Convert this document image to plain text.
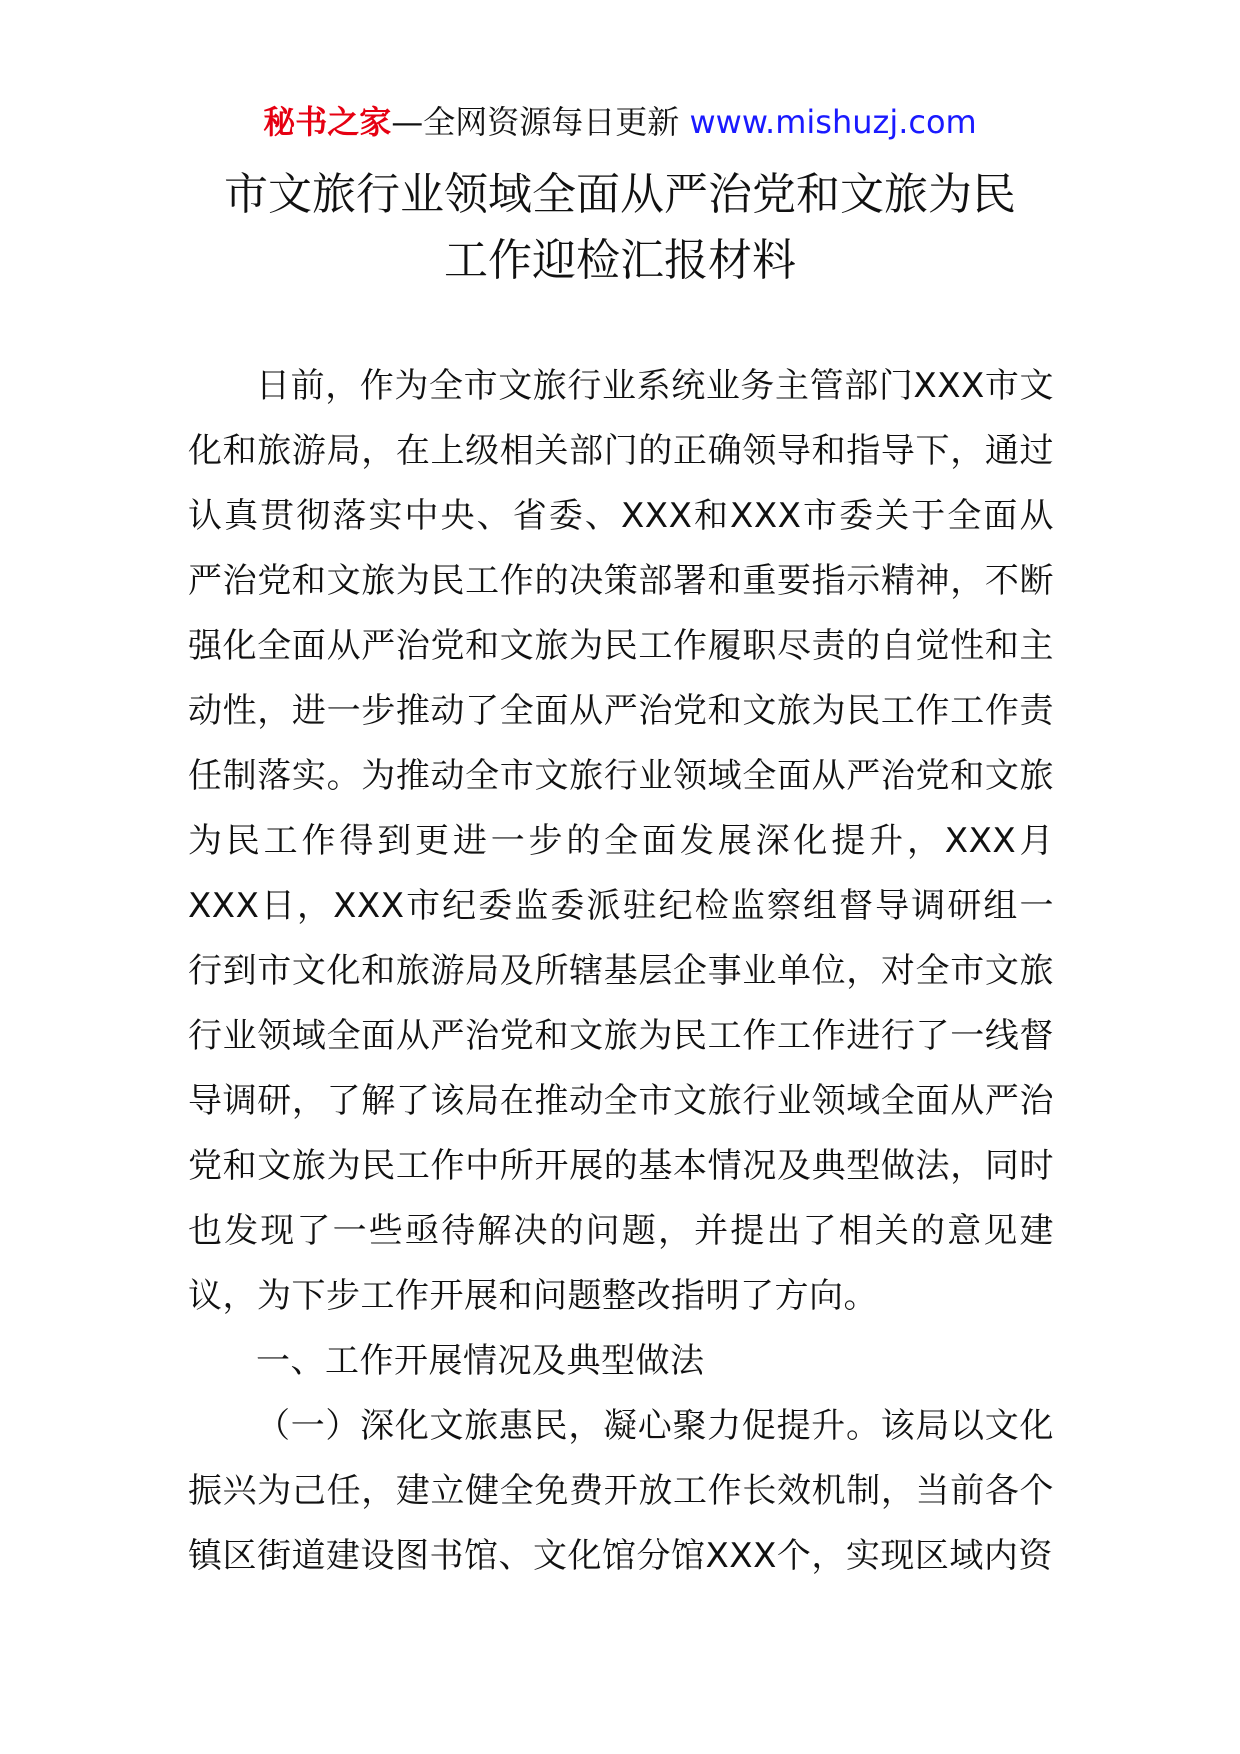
秘书之家—全网资源每日更新 www.mishuzj.com
市文旅行业领域全面从严治党和文旅为民
工作迎检汇报材料

日前，作为全市文旅行业系统业务主管部门XXX市文化和旅游局，在上级相关部门的正确领导和指导下，通过认真贯彻落实中央、省委、XXX和XXX市委关于全面从严治党和文旅为民工作的决策部署和重要指示精神，不断强化全面从严治党和文旅为民工作履职尽责的自觉性和主动性，进一步推动了全面从严治党和文旅为民工作工作责任制落实。为推动全市文旅行业领域全面从严治党和文旅为民工作得到更进一步的全面发展深化提升，XXX月XXX日，XXX市纪委监委派驻纪检监察组督导调研组一行到市文化和旅游局及所辖基层企事业单位，对全市文旅行业领域全面从严治党和文旅为民工作工作进行了一线督导调研，了解了该局在推动全市文旅行业领域全面从严治党和文旅为民工作中所开展的基本情况及典型做法，同时也发现了一些亟待解决的问题，并提出了相关的意见建议，为下步工作开展和问题整改指明了方向。

一、工作开展情况及典型做法

（一）深化文旅惠民，凝心聚力促提升。该局以文化振兴为己任，建立健全免费开放工作长效机制，当前各个镇区街道建设图书馆、文化馆分馆XXX个，实现区域内资
